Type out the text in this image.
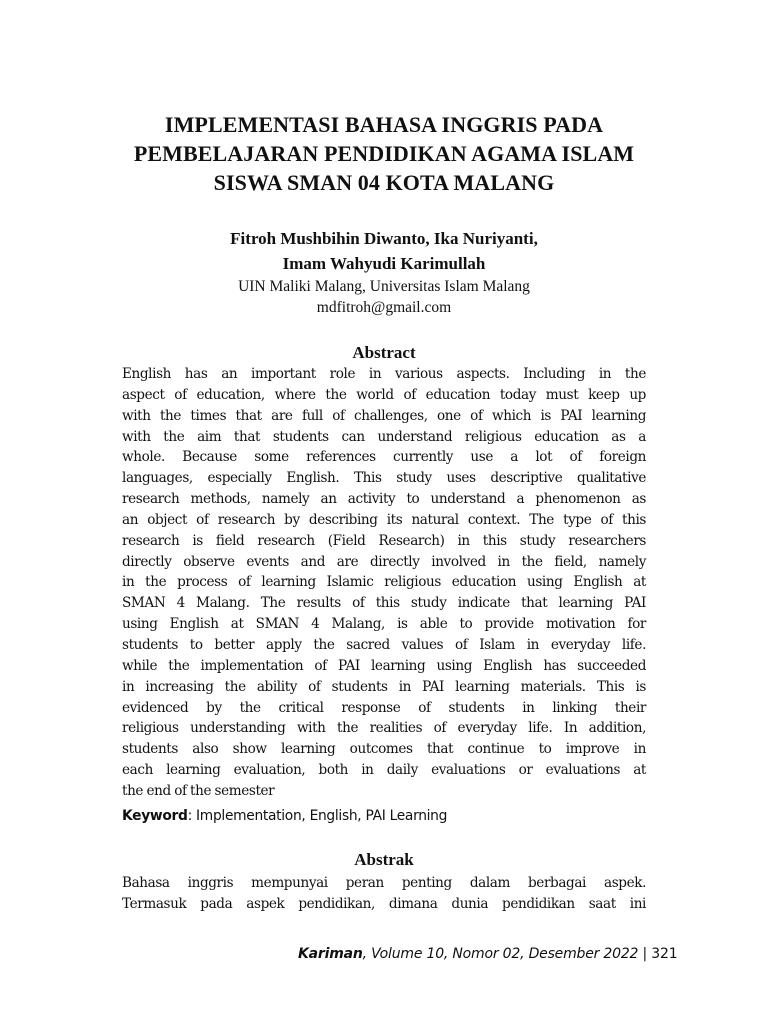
IMPLEMENTASI BAHASA INGGRIS PADA
PEMBELAJARAN PENDIDIKAN AGAMA ISLAM
SISWA SMAN 04 KOTA MALANG
Fitroh Mushbihin Diwanto, Ika Nuriyanti,
Imam Wahyudi Karimullah
UIN Maliki Malang, Universitas Islam Malang
mdfitroh@gmail.com
Abstract
English has an important role in various aspects. Including in the
aspect of education, where the world of education today must keep up
with the times that are full of challenges, one of which is PAI learning
with the aim that students can understand religious education as a
whole. Because some references currently use a lot of foreign
languages, especially English. This study uses descriptive qualitative
research methods, namely an activity to understand a phenomenon as
an object of research by describing its natural context. The type of this
research is field research (Field Research) in this study researchers
directly observe events and are directly involved in the field, namely
in the process of learning Islamic religious education using English at
SMAN 4 Malang. The results of this study indicate that learning PAI
using English at SMAN 4 Malang, is able to provide motivation for
students to better apply the sacred values of Islam in everyday life.
while the implementation of PAI learning using English has succeeded
in increasing the ability of students in PAI learning materials. This is
evidenced by the critical response of students in linking their
religious understanding with the realities of everyday life. In addition,
students also show learning outcomes that continue to improve in
each learning evaluation, both in daily evaluations or evaluations at
the end of the semester
Keyword: Implementation, English, PAI Learning
Abstrak
Bahasa inggris mempunyai peran penting dalam berbagai aspek.
Termasuk pada aspek pendidikan, dimana dunia pendidikan saat ini
Kariman, Volume 10, Nomor 02, Desember 2022 | 321
